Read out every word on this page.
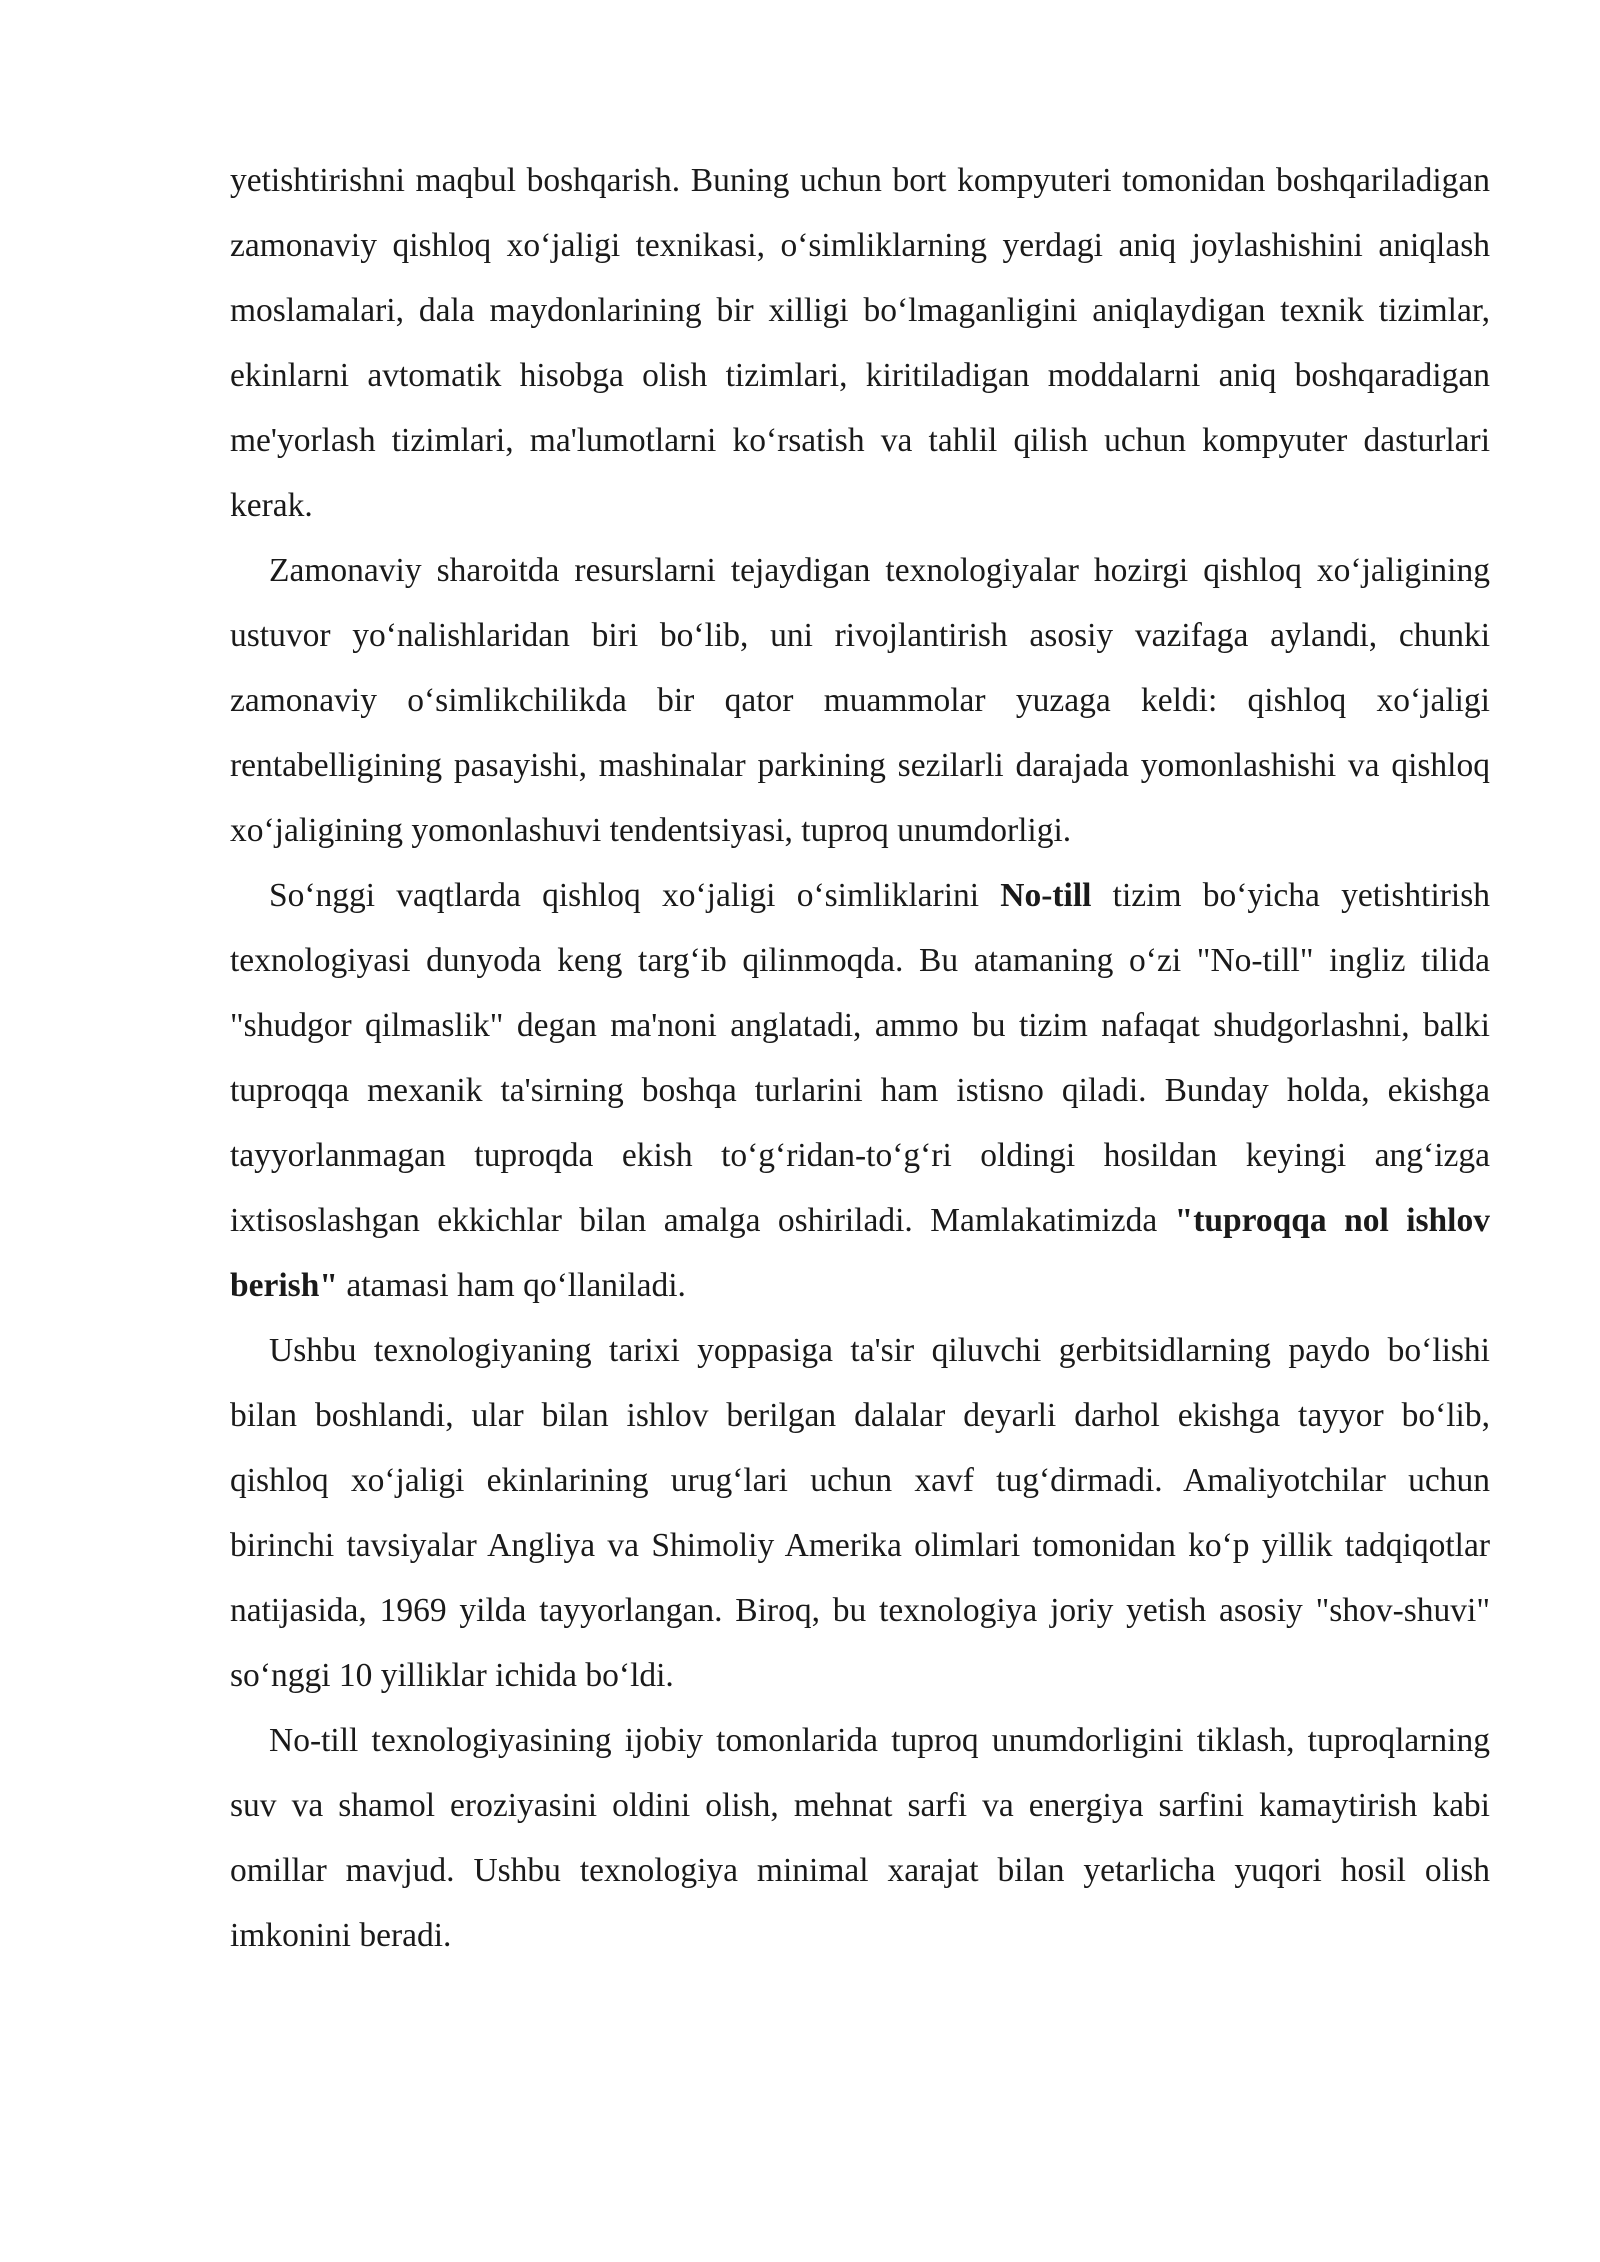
yetishtirishni maqbul boshqarish. Buning uchun bort kompyuteri tomonidan boshqariladigan zamonaviy qishloq xo‘jaligi texnikasi, o‘simliklarning yerdagi aniq joylashishini aniqlash moslamalari, dala maydonlarining bir xilligi bo‘lmaganligini aniqlaydigan texnik tizimlar, ekinlarni avtomatik hisobga olish tizimlari, kiritiladigan moddalarni aniq boshqaradigan me'yorlash tizimlari, ma'lumotlarni ko‘rsatish va tahlil qilish uchun kompyuter dasturlari kerak.

Zamonaviy sharoitda resurslarni tejaydigan texnologiyalar hozirgi qishloq xo‘jaligining ustuvor yo‘nalishlaridan biri bo‘lib, uni rivojlantirish asosiy vazifaga aylandi, chunki zamonaviy o‘simlikchilikda bir qator muammolar yuzaga keldi: qishloq xo‘jaligi rentabelligining pasayishi, mashinalar parkining sezilarli darajada yomonlashishi va qishloq xo‘jaligining yomonlashuvi tendentsiyasi, tuproq unumdorligi.

So‘nggi vaqtlarda qishloq xo‘jaligi o‘simliklarini No-till tizim bo‘yicha yetishtirish texnologiyasi dunyoda keng targ‘ib qilinmoqda. Bu atamaning o‘zi "No-till" ingliz tilida "shudgor qilmaslik" degan ma'noni anglatadi, ammo bu tizim nafaqat shudgorlashni, balki tuproqqa mexanik ta'sirning boshqa turlarini ham istisno qiladi. Bunday holda, ekishga tayyorlanmagan tuproqda ekish to‘g‘ridan-to‘g‘ri oldingi hosildan keyingi ang‘izga ixtisoslashgan ekkichlar bilan amalga oshiriladi. Mamlakatimizda "tuproqqa nol ishlov berish" atamasi ham qo‘llaniladi.

Ushbu texnologiyaning tarixi yoppasiga ta'sir qiluvchi gerbitsidlarning paydo bo‘lishi bilan boshlandi, ular bilan ishlov berilgan dalalar deyarli darhol ekishga tayyor bo‘lib, qishloq xo‘jaligi ekinlarining urug‘lari uchun xavf tug‘dirmadi. Amaliyotchilar uchun birinchi tavsiyalar Angliya va Shimoliy Amerika olimlari tomonidan ko‘p yillik tadqiqotlar natijasida, 1969 yilda tayyorlangan. Biroq, bu texnologiya joriy yetish asosiy "shov-shuvi" so‘nggi 10 yilliklar ichida bo‘ldi.

No-till texnologiyasining ijobiy tomonlarida tuproq unumdorligini tiklash, tuproqlarning suv va shamol eroziyasini oldini olish, mehnat sarfi va energiya sarfini kamaytirish kabi omillar mavjud. Ushbu texnologiya minimal xarajat bilan yetarlicha yuqori hosil olish imkonini beradi.
